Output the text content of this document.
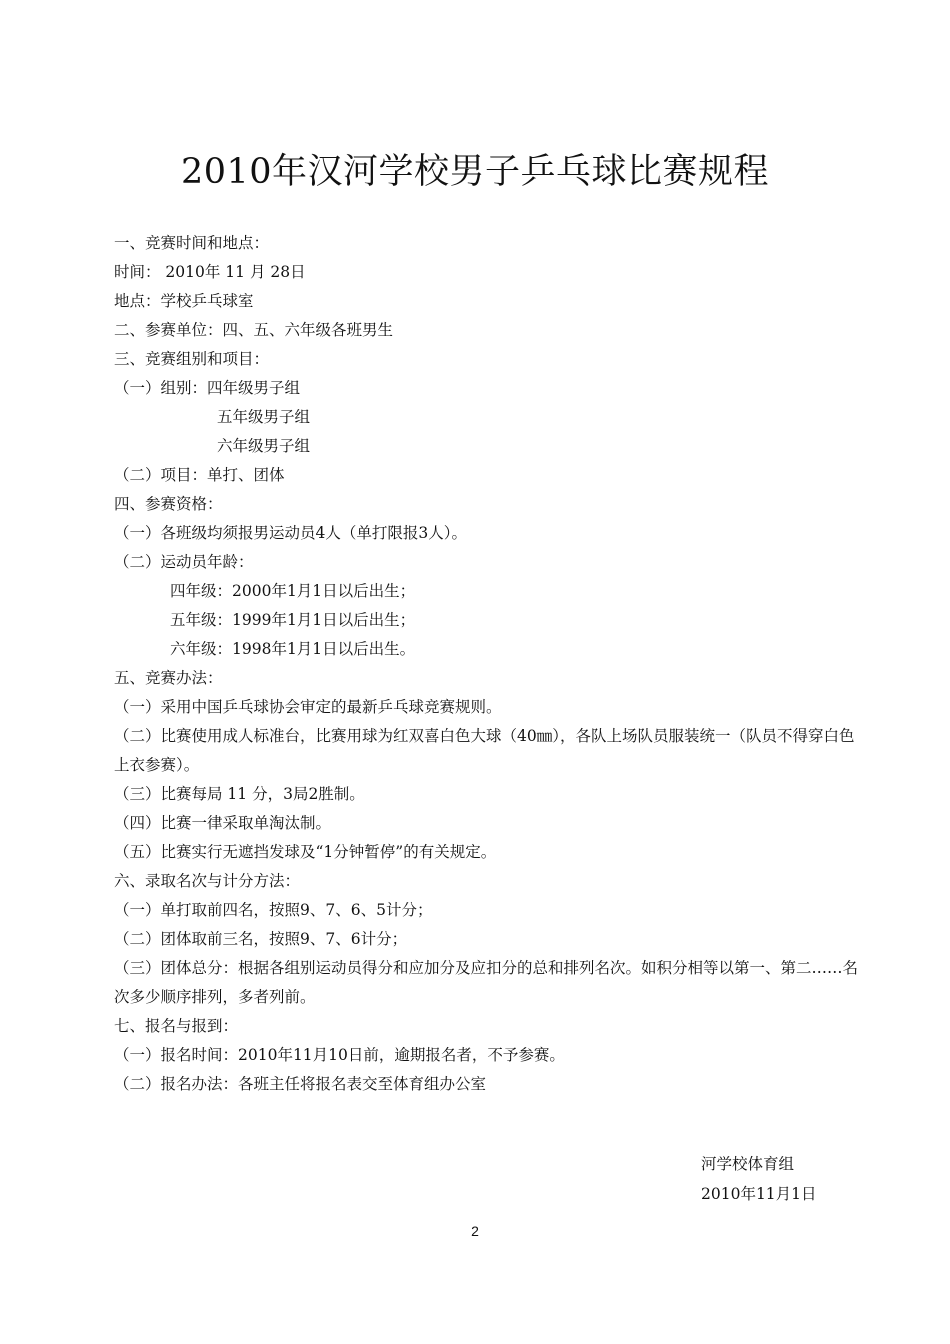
2010年汉河学校男子乒乓球比赛规程
一、竞赛时间和地点：
时间： 2010年 11 月 28日
地点：学校乒乓球室
二、参赛单位：四、五、六年级各班男生
三、竞赛组别和项目：
（一）组别：四年级男子组
五年级男子组
六年级男子组
（二）项目：单打、团体
四、参赛资格：
（一）各班级均须报男运动员4人（单打限报3人）。
（二）运动员年龄：
四年级：2000年1月1日以后出生；
五年级：1999年1月1日以后出生；
六年级：1998年1月1日以后出生。
五、竞赛办法：
（一）采用中国乒乓球协会审定的最新乒乓球竞赛规则。
（二）比赛使用成人标准台，比赛用球为红双喜白色大球（40㎜），各队上场队员服装统一（队员不得穿白色上衣参赛）。
（三）比赛每局 11 分，3局2胜制。
（四）比赛一律采取单淘汰制。
（五）比赛实行无遮挡发球及“1分钟暂停”的有关规定。
六、录取名次与计分方法：
（一）单打取前四名，按照9、7、6、5计分；
（二）团体取前三名，按照9、7、6计分；
（三）团体总分：根据各组别运动员得分和应加分及应扣分的总和排列名次。如积分相等以第一、第二……名次多少顺序排列，多者列前。
七、报名与报到：
（一）报名时间：2010年11月10日前，逾期报名者，不予参赛。
（二）报名办法：各班主任将报名表交至体育组办公室
河学校体育组
2010年11月1日
2
